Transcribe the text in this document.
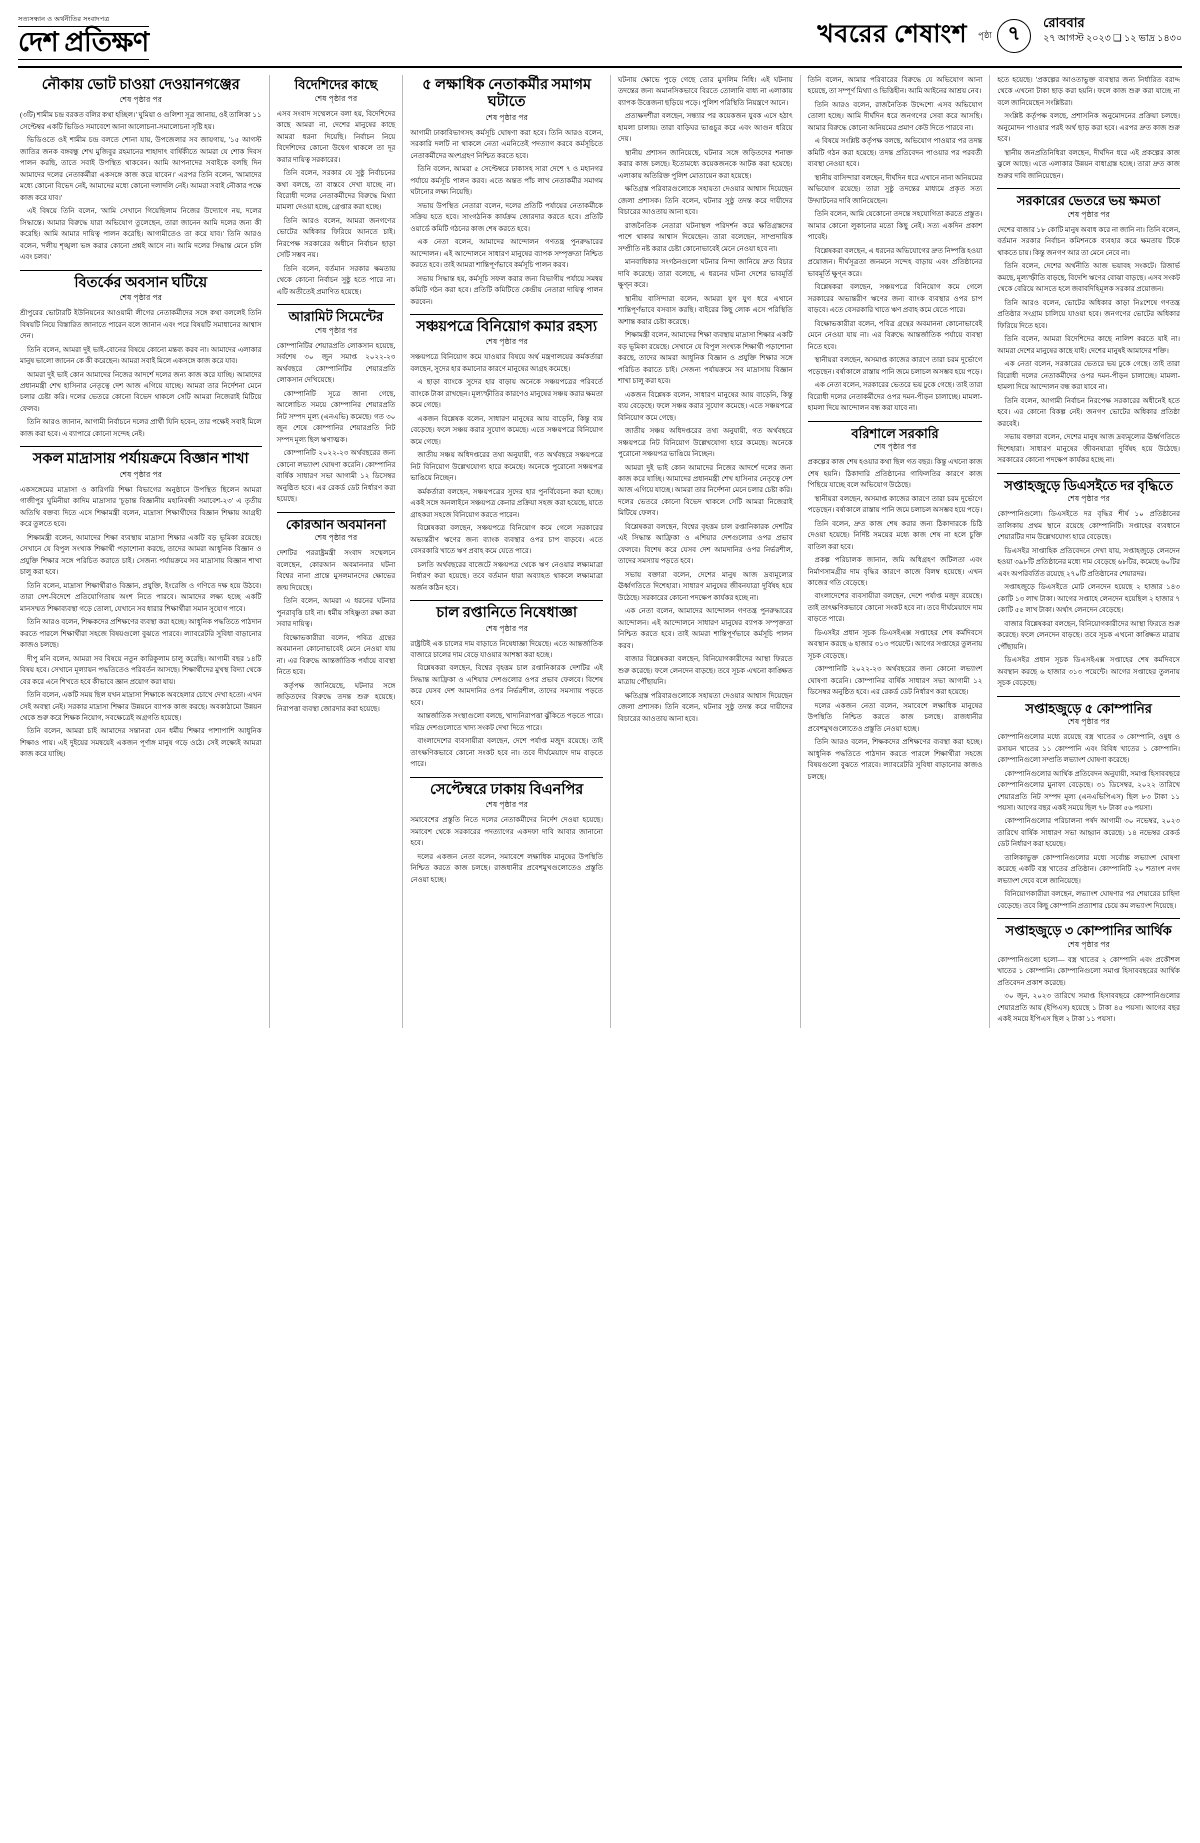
সত্যসন্ধান ও অর্থনীতির সংবাদপত্র
দেশ প্রতিক্ষণ	খবরের শেষাংশ পৃষ্ঠা ৭
রোববার
২৭ আগস্ট ২০২৩ ❑ ১২ ভাদ্র ১৪৩০
নৌকায় ভোট চাওয়া দেওয়ানগঞ্জের
শেষ পৃষ্ঠার পর

(৩টি) শামীম চন্দ্র বরকত বলির কথা হচ্ছিল।' ঘুমিয়া ও গুলিশা সূত্র জানায়, ওই তালিকা ১১ সেপ্টেম্বর একটি ভিডিও সমাবেশে আনা আলোচনা-সমালোচনা সৃষ্টি হয়।

ভিডিওতে ওই শামীম চন্দ্র বলতে শোনা যায়, উপজেলার সব জায়গায়, '১৫ আগস্ট জাতির জনক বঙ্গবন্ধু শেখ মুজিবুর রহমানের শাহাদাৎ বার্ষিকীতে আমরা যে শোক দিবস পালন করছি, তাতে সবাই উপস্থিত থাকবেন। আমি আপনাদের সবাইকে বলছি দিন আমাদের দলের নেতাকর্মীরা একসঙ্গে কাজ করে যাবেন।' এরপর তিনি বলেন, 'আমাদের মধ্যে কোনো বিভেদ নেই, আমাদের মধ্যে কোনো দলাদলি নেই। আমরা সবাই নৌকার পক্ষে কাজ করে যাব।'

এই বিষয়ে তিনি বলেন, 'আমি সেখানে গিয়েছিলাম নিজের উদ্যোগে নয়, দলের সিদ্ধান্তে। আমার বিরুদ্ধে যারা অভিযোগ তুলেছেন, তারা জানেন আমি দলের জন্য কী করেছি। আমি আমার দায়িত্ব পালন করেছি। আগামীতেও তা করে যাব।' তিনি আরও বলেন, 'দলীয় শৃঙ্খলা ভঙ্গ করার কোনো প্রশ্নই আসে না। আমি দলের সিদ্ধান্ত মেনে চলি এবং চলব।'

বিতর্কের অবসান ঘটিয়ে
শেষ পৃষ্ঠার পর

শ্রীপুরের ভোটারটি ইউনিয়নের আওয়ামী লীগের নেতাকর্মীদের সঙ্গে কথা বললেই তিনি বিষয়টি নিয়ে বিস্তারিত জানাতে পারেন বলে জানান এবং পরে বিষয়টি সমাধানের আশ্বাস দেন।

তিনি বলেন, আমরা দুই ভাই-বোনের বিষয়ে কোনো মন্তব্য করব না। আমাদের এলাকার মানুষ ভালো জানেন কে কী করেছেন। আমরা সবাই মিলে একসঙ্গে কাজ করে যাব।

আমরা দুই ভাই কোন আমাদের নিজের আদর্শে দলের জন্য কাজ করে যাচ্ছি। আমাদের প্রধানমন্ত্রী শেখ হাসিনার নেতৃত্বে দেশ আজ এগিয়ে যাচ্ছে। আমরা তার নির্দেশনা মেনে চলার চেষ্টা করি। দলের ভেতরে কোনো বিভেদ থাকলে সেটি আমরা নিজেরাই মিটিয়ে ফেলব।

তিনি আরও জানান, আগামী নির্বাচনে দলের প্রার্থী যিনি হবেন, তার পক্ষেই সবাই মিলে কাজ করা হবে। এ ব্যাপারে কোনো সন্দেহ নেই।

সকল মাদ্রাসায় পর্যায়ক্রমে বিজ্ঞান শাখা
শেষ পৃষ্ঠার পর

একসঙ্গেমের মাদ্রাসা ও কারিগরি শিক্ষা বিভাগের অনুষ্ঠানে উপস্থিত ছিলেন আমরা গাজীপুর ঘুমিনীয়া কাদিম মাদ্রাসার 'চূড়ান্ত বিজ্ঞানীয় মহানিবন্ধী সমাবেশ-২৩' এ তৃতীয় অতিথি বক্তব্য দিতে এসে শিক্ষামন্ত্রী বলেন, মাদ্রাসা শিক্ষার্থীদের বিজ্ঞান শিক্ষায় আগ্রহী করে তুলতে হবে।

শিক্ষামন্ত্রী বলেন, আমাদের শিক্ষা ব্যবস্থায় মাদ্রাসা শিক্ষার একটি বড় ভূমিকা রয়েছে। সেখানে যে বিপুল সংখ্যক শিক্ষার্থী পড়াশোনা করছে, তাদের আমরা আধুনিক বিজ্ঞান ও প্রযুক্তি শিক্ষার সঙ্গে পরিচিত করাতে চাই। সেজন্য পর্যায়ক্রমে সব মাদ্রাসায় বিজ্ঞান শাখা চালু করা হবে।

তিনি বলেন, মাদ্রাসা শিক্ষার্থীরাও বিজ্ঞান, প্রযুক্তি, ইংরেজি ও গণিতে দক্ষ হয়ে উঠবে। তারা দেশ-বিদেশে প্রতিযোগিতায় অংশ নিতে পারবে। আমাদের লক্ষ্য হচ্ছে একটি মানসম্মত শিক্ষাব্যবস্থা গড়ে তোলা, যেখানে সব ধারার শিক্ষার্থীরা সমান সুযোগ পাবে।

তিনি আরও বলেন, শিক্ষকদের প্রশিক্ষণের ব্যবস্থা করা হচ্ছে। আধুনিক পদ্ধতিতে পাঠদান করতে পারলে শিক্ষার্থীরা সহজে বিষয়গুলো বুঝতে পারবে। ল্যাবরেটরি সুবিধা বাড়ানোর কাজও চলছে।

দীপু মনি বলেন, আমরা সব বিষয়ে নতুন কারিকুলাম চালু করেছি। আগামী বছর ১৪টি বিষয় হবে। সেখানে মূল্যায়ন পদ্ধতিতেও পরিবর্তন আসছে। শিক্ষার্থীদের মুখস্থ বিদ্যা থেকে বের করে এনে শিখতে হবে কীভাবে জ্ঞান প্রয়োগ করা যায়।

তিনি বলেন, একটি সময় ছিল যখন মাদ্রাসা শিক্ষাকে অবহেলার চোখে দেখা হতো। এখন সেই অবস্থা নেই। সরকার মাদ্রাসা শিক্ষার উন্নয়নে ব্যাপক কাজ করছে। অবকাঠামো উন্নয়ন থেকে শুরু করে শিক্ষক নিয়োগ, সবক্ষেত্রেই অগ্রগতি হয়েছে।

তিনি বলেন, আমরা চাই আমাদের সন্তানরা যেন ধর্মীয় শিক্ষার পাশাপাশি আধুনিক শিক্ষাও পায়। এই দুইয়ের সমন্বয়েই একজন পূর্ণাঙ্গ মানুষ গড়ে ওঠে। সেই লক্ষ্যেই আমরা কাজ করে যাচ্ছি।

বিদেশিদের কাছে
শেষ পৃষ্ঠার পর

এসব সংবাদ সম্মেলনে বলা হয়, বিদেশিদের কাছে আমরা না, দেশের মানুষের কাছে আমরা ধরনা দিয়েছি। নির্বাচন নিয়ে বিদেশিদের কোনো উদ্বেগ থাকলে তা দূর করার দায়িত্ব সরকারের।

তিনি বলেন, সরকার যে সুষ্ঠু নির্বাচনের কথা বলছে, তা বাস্তবে দেখা যাচ্ছে না। বিরোধী দলের নেতাকর্মীদের বিরুদ্ধে মিথ্যা মামলা দেওয়া হচ্ছে, গ্রেপ্তার করা হচ্ছে।

তিনি আরও বলেন, আমরা জনগণের ভোটের অধিকার ফিরিয়ে আনতে চাই। নিরপেক্ষ সরকারের অধীনে নির্বাচন ছাড়া সেটি সম্ভব নয়।

তিনি বলেন, বর্তমান সরকার ক্ষমতায় থেকে কোনো নির্বাচন সুষ্ঠু হতে পারে না। এটি অতীতেই প্রমাণিত হয়েছে।

আরামিট সিমেন্টের
শেষ পৃষ্ঠার পর

কোম্পানিটির শেয়ারপ্রতি লোকসান হয়েছে, সর্বশেষ ৩০ জুন সমাপ্ত ২০২২-২৩ অর্থবছরে কোম্পানিটির শেয়ারপ্রতি লোকসান দেখিয়েছে।

কোম্পানিটি সূত্রে জানা গেছে, আলোচিত সময়ে কোম্পানির শেয়ারপ্রতি নিট সম্পদ মূল্য (এনএভি) কমেছে। গত ৩০ জুন শেষে কোম্পানির শেয়ারপ্রতি নিট সম্পদ মূল্য ছিল ঋণাত্মক।

কোম্পানিটি ২০২২-২৩ অর্থবছরের জন্য কোনো লভ্যাংশ ঘোষণা করেনি। কোম্পানির বার্ষিক সাধারণ সভা আগামী ১২ ডিসেম্বর অনুষ্ঠিত হবে। এর রেকর্ড ডেট নির্ধারণ করা হয়েছে।

কোরআন অবমাননা
শেষ পৃষ্ঠার পর

দেশটির পররাষ্ট্রমন্ত্রী সংবাদ সম্মেলনে বলেছেন, কোরআন অবমাননার ঘটনা বিশ্বের নানা প্রান্তে মুসলমানদের ক্ষোভের জন্ম দিয়েছে।

তিনি বলেন, আমরা এ ধরনের ঘটনার পুনরাবৃত্তি চাই না। ধর্মীয় সহিষ্ণুতা রক্ষা করা সবার দায়িত্ব।

বিক্ষোভকারীরা বলেন, পবিত্র গ্রন্থের অবমাননা কোনোভাবেই মেনে নেওয়া যায় না। এর বিরুদ্ধে আন্তর্জাতিক পর্যায়ে ব্যবস্থা নিতে হবে।

কর্তৃপক্ষ জানিয়েছে, ঘটনার সঙ্গে জড়িতদের বিরুদ্ধে তদন্ত শুরু হয়েছে। নিরাপত্তা ব্যবস্থা জোরদার করা হয়েছে।

৫ লক্ষাধিক নেতাকর্মীর সমাগম ঘটাতে
শেষ পৃষ্ঠার পর

আগামী ঢাকাবিভাগসহ কর্মসূচি ঘোষণা করা হবে। তিনি আরও বলেন, সরকারি দলটি না থাকলে নেতা এমনিতেই পদত্যাগ করবে কর্মসূচিতে নেতাকর্মীদের অংশগ্রহণ নিশ্চিত করতে হবে।

তিনি বলেন, আমরা ৫ সেপ্টেম্বরে ঢাকাসহ সারা দেশে ৭ ও মহানগর পর্যায়ে কর্মসূচি পালন করব। এতে অন্তত পাঁচ লাখ নেতাকর্মীর সমাগম ঘটানোর লক্ষ্য নিয়েছি।

সভায় উপস্থিত নেতারা বলেন, দলের প্রতিটি পর্যায়ের নেতাকর্মীকে সক্রিয় হতে হবে। সাংগঠনিক কার্যক্রম জোরদার করতে হবে। প্রতিটি ওয়ার্ডে কমিটি গঠনের কাজ শেষ করতে হবে।

এক নেতা বলেন, আমাদের আন্দোলন গণতন্ত্র পুনরুদ্ধারের আন্দোলন। এই আন্দোলনে সাধারণ মানুষের ব্যাপক সম্পৃক্ততা নিশ্চিত করতে হবে। তাই আমরা শান্তিপূর্ণভাবে কর্মসূচি পালন করব।

সভায় সিদ্ধান্ত হয়, কর্মসূচি সফল করার জন্য বিভাগীয় পর্যায়ে সমন্বয় কমিটি গঠন করা হবে। প্রতিটি কমিটিতে কেন্দ্রীয় নেতারা দায়িত্ব পালন করবেন।

সঞ্চয়পত্রে বিনিয়োগ কমার রহস্য
শেষ পৃষ্ঠার পর

সঞ্চয়পত্রে বিনিয়োগ কমে যাওয়ার বিষয়ে অর্থ মন্ত্রণালয়ের কর্মকর্তারা বলছেন, সুদের হার কমানোর কারণে মানুষের আগ্রহ কমেছে।

এ ছাড়া ব্যাংকে সুদের হার বাড়ায় অনেকে সঞ্চয়পত্রের পরিবর্তে ব্যাংকে টাকা রাখছেন। মূল্যস্ফীতির কারণেও মানুষের সঞ্চয় করার ক্ষমতা কমে গেছে।

একজন বিশ্লেষক বলেন, সাধারণ মানুষের আয় বাড়েনি, কিন্তু ব্যয় বেড়েছে। ফলে সঞ্চয় করার সুযোগ কমেছে। এতে সঞ্চয়পত্রে বিনিয়োগ কমে গেছে।

জাতীয় সঞ্চয় অধিদপ্তরের তথ্য অনুযায়ী, গত অর্থবছরে সঞ্চয়পত্রে নিট বিনিয়োগ উল্লেখযোগ্য হারে কমেছে। অনেকে পুরোনো সঞ্চয়পত্র ভাঙিয়ে নিচ্ছেন।

কর্মকর্তারা বলছেন, সঞ্চয়পত্রের সুদের হার পুনর্বিবেচনা করা হচ্ছে। একই সঙ্গে অনলাইনে সঞ্চয়পত্র কেনার প্রক্রিয়া সহজ করা হয়েছে, যাতে গ্রাহকরা সহজে বিনিয়োগ করতে পারেন।

বিশ্লেষকরা বলছেন, সঞ্চয়পত্রে বিনিয়োগ কমে গেলে সরকারের অভ্যন্তরীণ ঋণের জন্য ব্যাংক ব্যবস্থার ওপর চাপ বাড়বে। এতে বেসরকারি খাতে ঋণ প্রবাহ কমে যেতে পারে।

চলতি অর্থবছরের বাজেটে সঞ্চয়পত্র থেকে ঋণ নেওয়ার লক্ষ্যমাত্রা নির্ধারণ করা হয়েছে। তবে বর্তমান ধারা অব্যাহত থাকলে লক্ষ্যমাত্রা অর্জন কঠিন হবে।

চাল রপ্তানিতে নিষেধাজ্ঞা
শেষ পৃষ্ঠার পর

রাষ্ট্রটিই এক চালের দাম বাড়াতে নিষেধাজ্ঞা দিয়েছে। এতে আন্তর্জাতিক বাজারে চালের দাম বেড়ে যাওয়ার আশঙ্কা করা হচ্ছে।

বিশ্লেষকরা বলছেন, বিশ্বের বৃহত্তম চাল রপ্তানিকারক দেশটির এই সিদ্ধান্ত আফ্রিকা ও এশিয়ার দেশগুলোর ওপর প্রভাব ফেলবে। বিশেষ করে যেসব দেশ আমদানির ওপর নির্ভরশীল, তাদের সমস্যায় পড়তে হবে।

আন্তর্জাতিক সংস্থাগুলো বলছে, খাদ্যনিরাপত্তা ঝুঁকিতে পড়তে পারে। দরিদ্র দেশগুলোতে খাদ্য সংকট দেখা দিতে পারে।

বাংলাদেশের ব্যবসায়ীরা বলছেন, দেশে পর্যাপ্ত মজুদ রয়েছে। তাই তাৎক্ষণিকভাবে কোনো সংকট হবে না। তবে দীর্ঘমেয়াদে দাম বাড়তে পারে।

সেপ্টেম্বরে ঢাকায় বিএনপির
শেষ পৃষ্ঠার পর

সমাবেশের প্রস্তুতি নিতে দলের নেতাকর্মীদের নির্দেশ দেওয়া হয়েছে। সমাবেশ থেকে সরকারের পদত্যাগের একদফা দাবি আবার জানানো হবে।

দলের একজন নেতা বলেন, সমাবেশে লক্ষাধিক মানুষের উপস্থিতি নিশ্চিত করতে কাজ চলছে। রাজধানীর প্রবেশমুখগুলোতেও প্রস্তুতি নেওয়া হচ্ছে।

ঘটনায় ক্ষোভে পুড়ে গেছে তোর মুসলিম নিধি। এই ঘটনায় তদন্তের জন্য অমানসিকভাবে বিরতে তোলানি বাধ্য না এলাকায় ব্যাপক উত্তেজনা ছড়িয়ে পড়ে। পুলিশ পরিস্থিতি নিয়ন্ত্রণে আনে।

প্রত্যক্ষদর্শীরা বলছেন, সন্ধ্যার পর কয়েকজন যুবক এসে হঠাৎ হামলা চালায়। তারা বাড়িঘর ভাঙচুর করে এবং আগুন ধরিয়ে দেয়।

স্থানীয় প্রশাসন জানিয়েছে, ঘটনার সঙ্গে জড়িতদের শনাক্ত করার কাজ চলছে। ইতোমধ্যে কয়েকজনকে আটক করা হয়েছে। এলাকায় অতিরিক্ত পুলিশ মোতায়েন করা হয়েছে।

ক্ষতিগ্রস্ত পরিবারগুলোকে সহায়তা দেওয়ার আশ্বাস দিয়েছেন জেলা প্রশাসক। তিনি বলেন, ঘটনার সুষ্ঠু তদন্ত করে দায়ীদের বিচারের আওতায় আনা হবে।

রাজনৈতিক নেতারা ঘটনাস্থল পরিদর্শন করে ক্ষতিগ্রস্তদের পাশে থাকার আশ্বাস দিয়েছেন। তারা বলেছেন, সাম্প্রদায়িক সম্প্রীতি নষ্ট করার চেষ্টা কোনোভাবেই মেনে নেওয়া হবে না।

মানবাধিকার সংগঠনগুলো ঘটনার নিন্দা জানিয়ে দ্রুত বিচার দাবি করেছে। তারা বলেছে, এ ধরনের ঘটনা দেশের ভাবমূর্তি ক্ষুণ্ন করে।

স্থানীয় বাসিন্দারা বলেন, আমরা যুগ যুগ ধরে এখানে শান্তিপূর্ণভাবে বসবাস করছি। বাইরের কিছু লোক এসে পরিস্থিতি অশান্ত করার চেষ্টা করেছে।

শিক্ষামন্ত্রী বলেন, আমাদের শিক্ষা ব্যবস্থায় মাদ্রাসা শিক্ষার একটি বড় ভূমিকা রয়েছে। সেখানে যে বিপুল সংখ্যক শিক্ষার্থী পড়াশোনা করছে, তাদের আমরা আধুনিক বিজ্ঞান ও প্রযুক্তি শিক্ষার সঙ্গে পরিচিত করাতে চাই। সেজন্য পর্যায়ক্রমে সব মাদ্রাসায় বিজ্ঞান শাখা চালু করা হবে।

একজন বিশ্লেষক বলেন, সাধারণ মানুষের আয় বাড়েনি, কিন্তু ব্যয় বেড়েছে। ফলে সঞ্চয় করার সুযোগ কমেছে। এতে সঞ্চয়পত্রে বিনিয়োগ কমে গেছে।

জাতীয় সঞ্চয় অধিদপ্তরের তথ্য অনুযায়ী, গত অর্থবছরে সঞ্চয়পত্রে নিট বিনিয়োগ উল্লেখযোগ্য হারে কমেছে। অনেকে পুরোনো সঞ্চয়পত্র ভাঙিয়ে নিচ্ছেন।

আমরা দুই ভাই কোন আমাদের নিজের আদর্শে দলের জন্য কাজ করে যাচ্ছি। আমাদের প্রধানমন্ত্রী শেখ হাসিনার নেতৃত্বে দেশ আজ এগিয়ে যাচ্ছে। আমরা তার নির্দেশনা মেনে চলার চেষ্টা করি। দলের ভেতরে কোনো বিভেদ থাকলে সেটি আমরা নিজেরাই মিটিয়ে ফেলব।

বিশ্লেষকরা বলছেন, বিশ্বের বৃহত্তম চাল রপ্তানিকারক দেশটির এই সিদ্ধান্ত আফ্রিকা ও এশিয়ার দেশগুলোর ওপর প্রভাব ফেলবে। বিশেষ করে যেসব দেশ আমদানির ওপর নির্ভরশীল, তাদের সমস্যায় পড়তে হবে।

সভায় বক্তারা বলেন, দেশের মানুষ আজ দ্রব্যমূল্যের ঊর্ধ্বগতিতে দিশেহারা। সাধারণ মানুষের জীবনযাত্রা দুর্বিষহ হয়ে উঠেছে। সরকারের কোনো পদক্ষেপ কার্যকর হচ্ছে না।

এক নেতা বলেন, আমাদের আন্দোলন গণতন্ত্র পুনরুদ্ধারের আন্দোলন। এই আন্দোলনে সাধারণ মানুষের ব্যাপক সম্পৃক্ততা নিশ্চিত করতে হবে। তাই আমরা শান্তিপূর্ণভাবে কর্মসূচি পালন করব।

বাজার বিশ্লেষকরা বলছেন, বিনিয়োগকারীদের আস্থা ফিরতে শুরু করেছে। ফলে লেনদেন বাড়ছে। তবে সূচক এখনো কাঙ্ক্ষিত মাত্রায় পৌঁছায়নি।

ক্ষতিগ্রস্ত পরিবারগুলোকে সহায়তা দেওয়ার আশ্বাস দিয়েছেন জেলা প্রশাসক। তিনি বলেন, ঘটনার সুষ্ঠু তদন্ত করে দায়ীদের বিচারের আওতায় আনা হবে।

তিনি বলেন, আমার পরিবারের বিরুদ্ধে যে অভিযোগ আনা হয়েছে, তা সম্পূর্ণ মিথ্যা ও ভিত্তিহীন। আমি আইনের আশ্রয় নেব।

তিনি আরও বলেন, রাজনৈতিক উদ্দেশ্যে এসব অভিযোগ তোলা হচ্ছে। আমি দীর্ঘদিন ধরে জনগণের সেবা করে আসছি। আমার বিরুদ্ধে কোনো অনিয়মের প্রমাণ কেউ দিতে পারবে না।

এ বিষয়ে সংশ্লিষ্ট কর্তৃপক্ষ বলছে, অভিযোগ পাওয়ার পর তদন্ত কমিটি গঠন করা হয়েছে। তদন্ত প্রতিবেদন পাওয়ার পর পরবর্তী ব্যবস্থা নেওয়া হবে।

স্থানীয় বাসিন্দারা বলছেন, দীর্ঘদিন ধরে এখানে নানা অনিয়মের অভিযোগ রয়েছে। তারা সুষ্ঠু তদন্তের মাধ্যমে প্রকৃত সত্য উদ্ঘাটনের দাবি জানিয়েছেন।

তিনি বলেন, আমি যেকোনো তদন্তে সহযোগিতা করতে প্রস্তুত। আমার কোনো লুকানোর মতো কিছু নেই। সত্য একদিন প্রকাশ পাবেই।

বিশ্লেষকরা বলছেন, এ ধরনের অভিযোগের দ্রুত নিষ্পত্তি হওয়া প্রয়োজন। দীর্ঘসূত্রতা জনমনে সন্দেহ বাড়ায় এবং প্রতিষ্ঠানের ভাবমূর্তি ক্ষুণ্ন করে।

বিশ্লেষকরা বলছেন, সঞ্চয়পত্রে বিনিয়োগ কমে গেলে সরকারের অভ্যন্তরীণ ঋণের জন্য ব্যাংক ব্যবস্থার ওপর চাপ বাড়বে। এতে বেসরকারি খাতে ঋণ প্রবাহ কমে যেতে পারে।

বিক্ষোভকারীরা বলেন, পবিত্র গ্রন্থের অবমাননা কোনোভাবেই মেনে নেওয়া যায় না। এর বিরুদ্ধে আন্তর্জাতিক পর্যায়ে ব্যবস্থা নিতে হবে।

স্থানীয়রা বলছেন, অসমাপ্ত কাজের কারণে তারা চরম দুর্ভোগে পড়েছেন। বর্ষাকালে রাস্তায় পানি জমে চলাচল অসম্ভব হয়ে পড়ে।

এক নেতা বলেন, সরকারের ভেতরে ভয় ঢুকে গেছে। তাই তারা বিরোধী দলের নেতাকর্মীদের ওপর দমন-পীড়ন চালাচ্ছে। মামলা-হামলা দিয়ে আন্দোলন বন্ধ করা যাবে না।

বরিশালে সরকারি
শেষ পৃষ্ঠার পর

প্রকল্পের কাজ শেষ হওয়ার কথা ছিল গত বছর। কিন্তু এখনো কাজ শেষ হয়নি। ঠিকাদারি প্রতিষ্ঠানের গাফিলতির কারণে কাজ পিছিয়ে যাচ্ছে বলে অভিযোগ উঠেছে।

স্থানীয়রা বলছেন, অসমাপ্ত কাজের কারণে তারা চরম দুর্ভোগে পড়েছেন। বর্ষাকালে রাস্তায় পানি জমে চলাচল অসম্ভব হয়ে পড়ে।

তিনি বলেন, দ্রুত কাজ শেষ করার জন্য ঠিকাদারকে চিঠি দেওয়া হয়েছে। নির্দিষ্ট সময়ের মধ্যে কাজ শেষ না হলে চুক্তি বাতিল করা হবে।

প্রকল্প পরিচালক জানান, জমি অধিগ্রহণ জটিলতা এবং নির্মাণসামগ্রীর দাম বৃদ্ধির কারণে কাজে বিলম্ব হয়েছে। এখন কাজের গতি বেড়েছে।

বাংলাদেশের ব্যবসায়ীরা বলছেন, দেশে পর্যাপ্ত মজুদ রয়েছে। তাই তাৎক্ষণিকভাবে কোনো সংকট হবে না। তবে দীর্ঘমেয়াদে দাম বাড়তে পারে।

ডিএসইর প্রধান সূচক ডিএসইএক্স সপ্তাহের শেষ কর্মদিবসে অবস্থান করছে ৬ হাজার ৩১৩ পয়েন্টে। আগের সপ্তাহের তুলনায় সূচক বেড়েছে।

কোম্পানিটি ২০২২-২৩ অর্থবছরের জন্য কোনো লভ্যাংশ ঘোষণা করেনি। কোম্পানির বার্ষিক সাধারণ সভা আগামী ১২ ডিসেম্বর অনুষ্ঠিত হবে। এর রেকর্ড ডেট নির্ধারণ করা হয়েছে।

দলের একজন নেতা বলেন, সমাবেশে লক্ষাধিক মানুষের উপস্থিতি নিশ্চিত করতে কাজ চলছে। রাজধানীর প্রবেশমুখগুলোতেও প্রস্তুতি নেওয়া হচ্ছে।

তিনি আরও বলেন, শিক্ষকদের প্রশিক্ষণের ব্যবস্থা করা হচ্ছে। আধুনিক পদ্ধতিতে পাঠদান করতে পারলে শিক্ষার্থীরা সহজে বিষয়গুলো বুঝতে পারবে। ল্যাবরেটরি সুবিধা বাড়ানোর কাজও চলছে।

হতে হয়েছে। 'প্রকল্পের আওতাভুক্ত ব্যবস্থার জন্য নির্ধারিত বরাদ্দ থেকে এখনো টাকা ছাড় করা হয়নি। ফলে কাজ শুরু করা যাচ্ছে না বলে জানিয়েছেন সংশ্লিষ্টরা।

সংশ্লিষ্ট কর্তৃপক্ষ বলছে, প্রশাসনিক অনুমোদনের প্রক্রিয়া চলছে। অনুমোদন পাওয়ার পরই অর্থ ছাড় করা হবে। এরপর দ্রুত কাজ শুরু হবে।

স্থানীয় জনপ্রতিনিধিরা বলছেন, দীর্ঘদিন ধরে এই প্রকল্পের কাজ ঝুলে আছে। এতে এলাকার উন্নয়ন বাধাগ্রস্ত হচ্ছে। তারা দ্রুত কাজ শুরুর দাবি জানিয়েছেন।

সরকারের ভেতরে ভয় ক্ষমতা
শেষ পৃষ্ঠার পর

দেশের বাজার ১৮ কোটি মানুষ অবাধ করে না জানি না। তিনি বলেন, বর্তমান সরকার নির্বাচন কমিশনকে ব্যবহার করে ক্ষমতায় টিকে থাকতে চায়। কিন্তু জনগণ আর তা মেনে নেবে না।

তিনি বলেন, দেশের অর্থনীতি আজ ভয়াবহ সংকটে। রিজার্ভ কমছে, মূল্যস্ফীতি বাড়ছে, বিদেশি ঋণের বোঝা বাড়ছে। এসব সংকট থেকে বেরিয়ে আসতে হলে জবাবদিহিমূলক সরকার প্রয়োজন।

তিনি আরও বলেন, ভোটের অধিকার কাড়া নিঃশেষে গণতন্ত্র প্রতিষ্ঠার সংগ্রাম চালিয়ে যাওয়া হবে। জনগণের ভোটের অধিকার ফিরিয়ে দিতে হবে।

তিনি বলেন, আমরা বিদেশিদের কাছে নালিশ করতে যাই না। আমরা দেশের মানুষের কাছে যাই। দেশের মানুষই আমাদের শক্তি।

এক নেতা বলেন, সরকারের ভেতরে ভয় ঢুকে গেছে। তাই তারা বিরোধী দলের নেতাকর্মীদের ওপর দমন-পীড়ন চালাচ্ছে। মামলা-হামলা দিয়ে আন্দোলন বন্ধ করা যাবে না।

তিনি বলেন, আগামী নির্বাচন নিরপেক্ষ সরকারের অধীনেই হতে হবে। এর কোনো বিকল্প নেই। জনগণ ভোটের অধিকার প্রতিষ্ঠা করবেই।

সভায় বক্তারা বলেন, দেশের মানুষ আজ দ্রব্যমূল্যের ঊর্ধ্বগতিতে দিশেহারা। সাধারণ মানুষের জীবনযাত্রা দুর্বিষহ হয়ে উঠেছে। সরকারের কোনো পদক্ষেপ কার্যকর হচ্ছে না।

সপ্তাহজুড়ে ডিএসইতে দর বৃদ্ধিতে
শেষ পৃষ্ঠার পর

কোম্পানিগুলো। ডিএসইতে দর বৃদ্ধির শীর্ষ ১০ প্রতিষ্ঠানের তালিকায় প্রথম স্থানে রয়েছে কোম্পানিটি। সপ্তাহের ব্যবধানে শেয়ারটির দাম উল্লেখযোগ্য হারে বেড়েছে।

ডিএসইর সাপ্তাহিক প্রতিবেদনে দেখা যায়, সপ্তাহজুড়ে লেনদেন হওয়া ৩৯৮টি প্রতিষ্ঠানের মধ্যে দাম বেড়েছে ৬৮টির, কমেছে ৬০টির এবং অপরিবর্তিত রয়েছে ২৭০টি প্রতিষ্ঠানের শেয়ারদর।

সপ্তাহজুড়ে ডিএসইতে মোট লেনদেন হয়েছে ২ হাজার ১৪৩ কোটি ১৩ লাখ টাকা। আগের সপ্তাহে লেনদেন হয়েছিল ২ হাজার ৭ কোটি ৫৫ লাখ টাকা। অর্থাৎ লেনদেন বেড়েছে।

বাজার বিশ্লেষকরা বলছেন, বিনিয়োগকারীদের আস্থা ফিরতে শুরু করেছে। ফলে লেনদেন বাড়ছে। তবে সূচক এখনো কাঙ্ক্ষিত মাত্রায় পৌঁছায়নি।

ডিএসইর প্রধান সূচক ডিএসইএক্স সপ্তাহের শেষ কর্মদিবসে অবস্থান করছে ৬ হাজার ৩১৩ পয়েন্টে। আগের সপ্তাহের তুলনায় সূচক বেড়েছে।

সপ্তাহজুড়ে ৫ কোম্পানির
শেষ পৃষ্ঠার পর

কোম্পানিগুলোর মধ্যে রয়েছে বস্ত্র খাতের ৩ কোম্পানি, ওষুধ ও রসায়ন খাতের ১১ কোম্পানি এবং বিবিধ খাতের ১ কোম্পানি। কোম্পানিগুলো সম্প্রতি লভ্যাংশ ঘোষণা করেছে।

কোম্পানিগুলোর আর্থিক প্রতিবেদন অনুযায়ী, সমাপ্ত হিসাববছরে কোম্পানিগুলোর মুনাফা বেড়েছে। ৩১ ডিসেম্বর, ২০২২ তারিখে শেয়ারপ্রতি নিট সম্পদ মূল্য (এনএভিপিএস) ছিল ৮৩ টাকা ১১ পয়সা। আগের বছর একই সময়ে ছিল ৭৮ টাকা ৫৬ পয়সা।

কোম্পানিগুলোর পরিচালনা পর্ষদ আগামী ৩০ নভেম্বর, ২০২৩ তারিখে বার্ষিক সাধারণ সভা আহ্বান করেছে। ১৪ নভেম্বর রেকর্ড ডেট নির্ধারণ করা হয়েছে।

তালিকাভুক্ত কোম্পানিগুলোর মধ্যে সর্বোচ্চ লভ্যাংশ ঘোষণা করেছে একটি বস্ত্র খাতের প্রতিষ্ঠান। কোম্পানিটি ২০ শতাংশ নগদ লভ্যাংশ দেবে বলে জানিয়েছে।

বিনিয়োগকারীরা বলছেন, লভ্যাংশ ঘোষণার পর শেয়ারের চাহিদা বেড়েছে। তবে কিছু কোম্পানি প্রত্যাশার চেয়ে কম লভ্যাংশ দিয়েছে।

সপ্তাহজুড়ে ৩ কোম্পানির আর্থিক
শেষ পৃষ্ঠার পর

কোম্পানিগুলো হলো— বস্ত্র খাতের ২ কোম্পানি এবং প্রকৌশল খাতের ১ কোম্পানি। কোম্পানিগুলো সমাপ্ত হিসাববছরের আর্থিক প্রতিবেদন প্রকাশ করেছে।

৩০ জুন, ২০২৩ তারিখে সমাপ্ত হিসাববছরে কোম্পানিগুলোর শেয়ারপ্রতি আয় (ইপিএস) হয়েছে ১ টাকা ৪৫ পয়সা। আগের বছর একই সময়ে ইপিএস ছিল ২ টাকা ১১ পয়সা।
